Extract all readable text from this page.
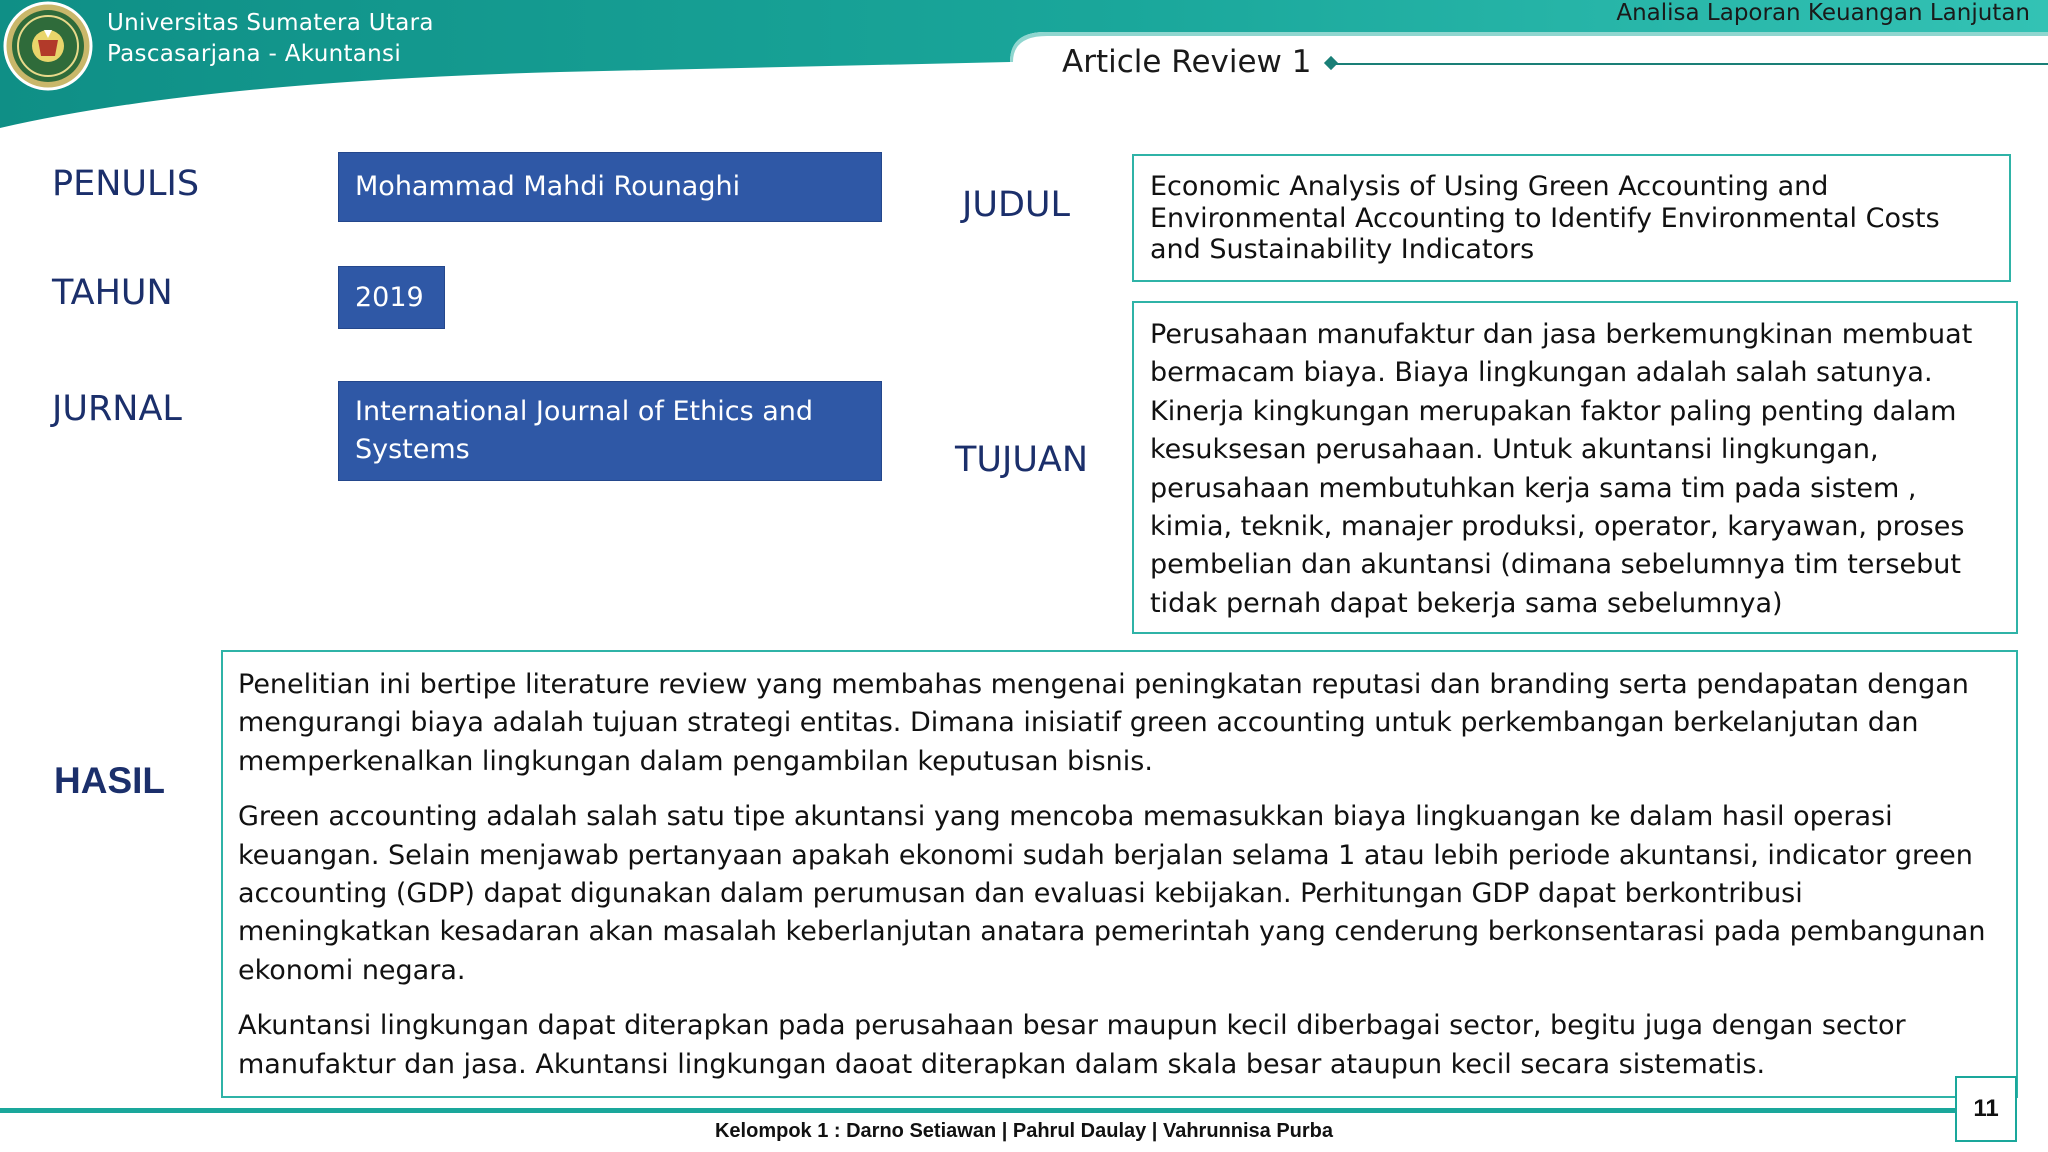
Universitas Sumatera Utara
Pascasarjana - Akuntansi
Analisa Laporan Keuangan Lanjutan
Article Review 1
PENULIS
TAHUN
JURNAL
JUDUL
TUJUAN
HASIL
Mohammad Mahdi Rounaghi
2019
International Journal of Ethics and Systems
Economic Analysis of Using Green Accounting and Environmental Accounting to Identify Environmental Costs and Sustainability Indicators
Perusahaan manufaktur dan jasa berkemungkinan membuat bermacam biaya. Biaya lingkungan adalah salah satunya. Kinerja kingkungan merupakan faktor paling penting dalam kesuksesan perusahaan. Untuk akuntansi lingkungan, perusahaan membutuhkan kerja sama tim pada sistem , kimia, teknik, manajer produksi, operator, karyawan, proses pembelian dan akuntansi (dimana sebelumnya tim tersebut tidak pernah dapat bekerja sama sebelumnya)

Penelitian ini bertipe literature review yang membahas mengenai peningkatan reputasi dan branding serta pendapatan dengan mengurangi biaya adalah tujuan strategi entitas. Dimana inisiatif green accounting untuk perkembangan berkelanjutan dan memperkenalkan lingkungan dalam pengambilan keputusan bisnis.

Green accounting adalah salah satu tipe akuntansi yang mencoba memasukkan biaya lingkuangan ke dalam hasil operasi keuangan. Selain menjawab pertanyaan apakah ekonomi sudah berjalan selama 1 atau lebih periode akuntansi, indicator green accounting (GDP) dapat digunakan dalam perumusan dan evaluasi kebijakan. Perhitungan GDP dapat berkontribusi meningkatkan kesadaran akan masalah keberlanjutan anatara pemerintah yang cenderung berkonsentarasi pada pembangunan ekonomi negara.

Akuntansi lingkungan dapat diterapkan pada perusahaan besar maupun kecil diberbagai sector, begitu juga dengan sector manufaktur dan jasa. Akuntansi lingkungan daoat diterapkan dalam skala besar ataupun kecil secara sistematis.

Kelompok 1 : Darno Setiawan | Pahrul Daulay | Vahrunnisa Purba
11
